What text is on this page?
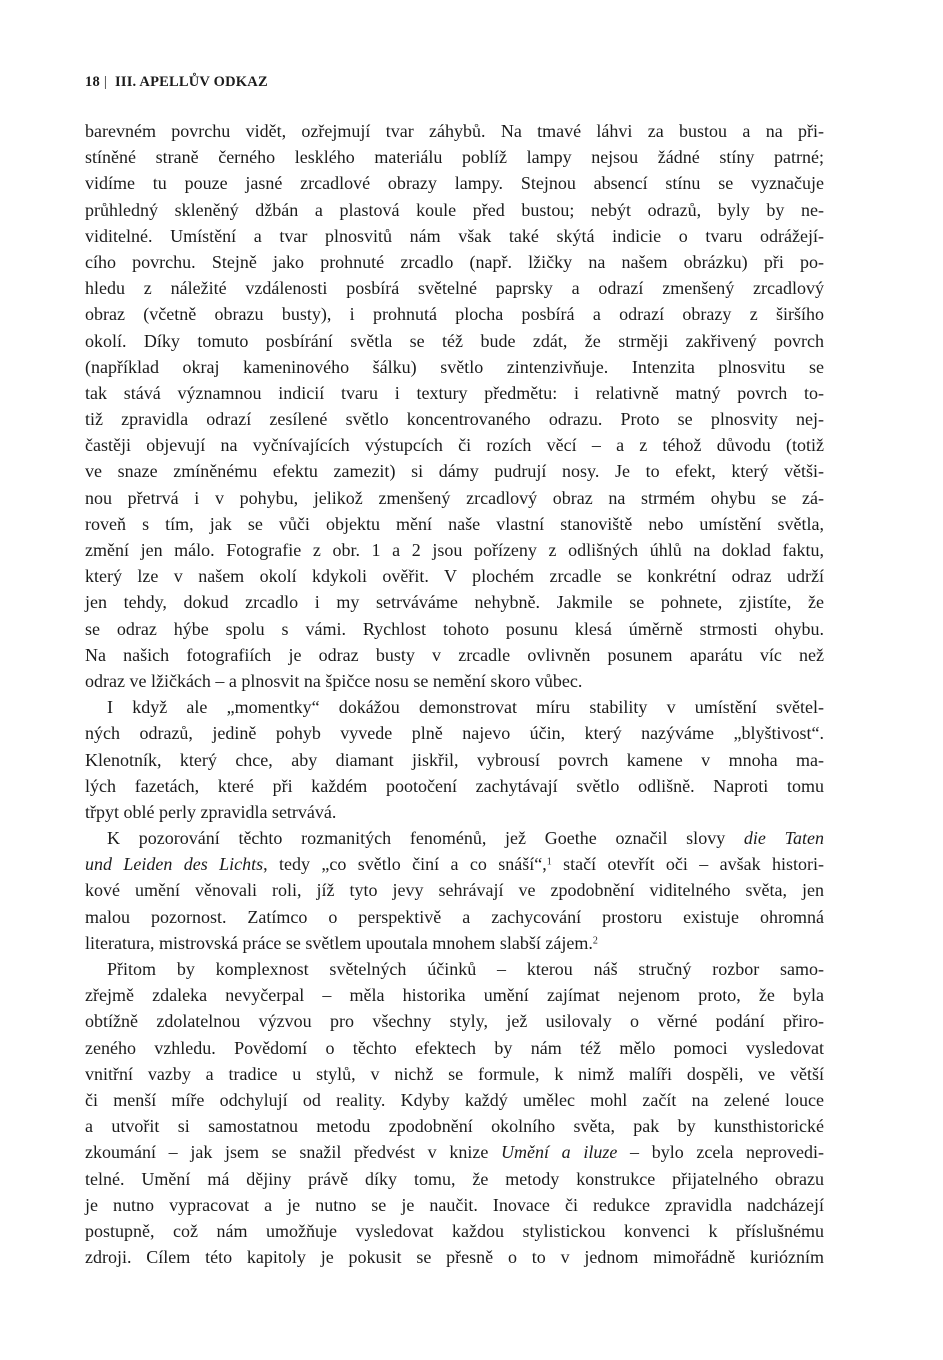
18 | III. APELLŮV ODKAZ
barevném povrchu vidět, ozřejmují tvar záhybů. Na tmavé láhvi za bustou a na při-
stíněné straně černého lesklého materiálu poblíž lampy nejsou žádné stíny patrné;
vidíme tu pouze jasné zrcadlové obrazy lampy. Stejnou absencí stínu se vyznačuje
průhledný skleněný džbán a plastová koule před bustou; nebýt odrazů, byly by ne-
viditelné. Umístění a tvar plnosvitů nám však také skýtá indicie o tvaru odrážejí-
cího povrchu. Stejně jako prohnuté zrcadlo (např. lžičky na našem obrázku) při po-
hledu z náležité vzdálenosti posbírá světelné paprsky a odrazí zmenšený zrcadlový
obraz (včetně obrazu busty), i prohnutá plocha posbírá a odrazí obrazy z širšího
okolí. Díky tomuto posbírání světla se též bude zdát, že strměji zakřivený povrch
(například okraj kameninového šálku) světlo zintenzivňuje. Intenzita plnosvitu se
tak stává významnou indicií tvaru i textury předmětu: i relativně matný povrch to-
tiž zpravidla odrazí zesílené světlo koncentrovaného odrazu. Proto se plnosvity nej-
častěji objevují na vyčnívajících výstupcích či rozích věcí – a z téhož důvodu (totiž
ve snaze zmíněnému efektu zamezit) si dámy pudrují nosy. Je to efekt, který větši-
nou přetrvá i v pohybu, jelikož zmenšený zrcadlový obraz na strmém ohybu se zá-
roveň s tím, jak se vůči objektu mění naše vlastní stanoviště nebo umístění světla,
změní jen málo. Fotografie z obr. 1 a 2 jsou pořízeny z odlišných úhlů na doklad faktu,
který lze v našem okolí kdykoli ověřit. V plochém zrcadle se konkrétní odraz udrží
jen tehdy, dokud zrcadlo i my setrváváme nehybně. Jakmile se pohnete, zjistíte, že
se odraz hýbe spolu s vámi. Rychlost tohoto posunu klesá úměrně strmosti ohybu.
Na našich fotografiích je odraz busty v zrcadle ovlivněn posunem aparátu víc než
odraz ve lžičkách – a plnosvit na špičce nosu se nemění skoro vůbec.
I když ale „momentky“ dokážou demonstrovat míru stability v umístění světel-
ných odrazů, jedině pohyb vyvede plně najevo účin, který nazýváme „blyštivost“.
Klenotník, který chce, aby diamant jiskřil, vybrousí povrch kamene v mnoha ma-
lých fazetách, které při každém pootočení zachytávají světlo odlišně. Naproti tomu
třpyt oblé perly zpravidla setrvává.
K pozorování těchto rozmanitých fenoménů, jež Goethe označil slovy die Taten
und Leiden des Lichts, tedy „co světlo činí a co snáší“,$^1$ stačí otevřít oči – avšak histori-
kové umění věnovali roli, jíž tyto jevy sehrávají ve zpodobnění viditelného světa, jen
malou pozornost. Zatímco o perspektivě a zachycování prostoru existuje ohromná
literatura, mistrovská práce se světlem upoutala mnohem slabší zájem.$^2$
Přitom by komplexnost světelných účinků – kterou náš stručný rozbor samo-
zřejmě zdaleka nevyčerpal – měla historika umění zajímat nejenom proto, že byla
obtížně zdolatelnou výzvou pro všechny styly, jež usilovaly o věrné podání přiro-
zeného vzhledu. Povědomí o těchto efektech by nám též mělo pomoci vysledovat
vnitřní vazby a tradice u stylů, v nichž se formule, k nimž malíři dospěli, ve větší
či menší míře odchylují od reality. Kdyby každý umělec mohl začít na zelené louce
a utvořit si samostatnou metodu zpodobnění okolního světa, pak by kunsthistorické
zkoumání – jak jsem se snažil předvést v knize Umění a iluze – bylo zcela neprovedi-
telné. Umění má dějiny právě díky tomu, že metody konstrukce přijatelného obrazu
je nutno vypracovat a je nutno se je naučit. Inovace či redukce zpravidla nadcházejí
postupně, což nám umožňuje vysledovat každou stylistickou konvenci k příslušnému
zdroji. Cílem této kapitoly je pokusit se přesně o to v jednom mimořádně kuriózním
